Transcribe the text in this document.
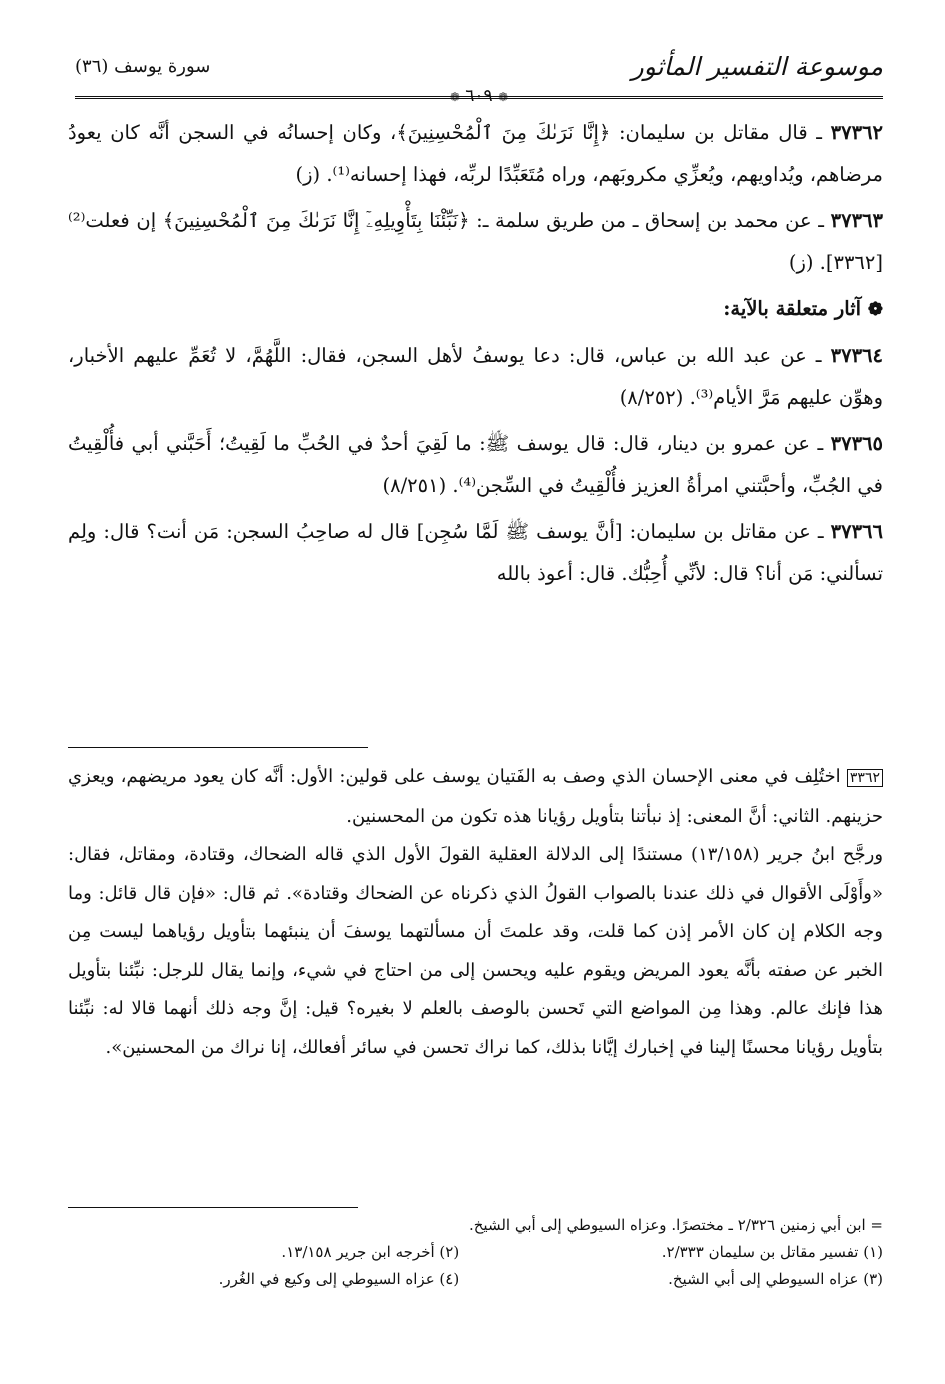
موسوعة التفسير المأثور
سورة يوسف (٣٦)
❁ ٦٠٩ ❁

٣٧٣٦٢ ـ قال مقاتل بن سليمان: ﴿إِنَّا نَرَىٰكَ مِنَ ٱلْمُحْسِنِينَ﴾، وكان إحسانُه في السجن أنَّه كان يعودُ مرضاهم، ويُداويهم، ويُعزِّي مكروبَهم، وراه مُتَعَبِّدًا لربِّه، فهذا إحسانه⁽¹⁾. (ز)

٣٧٣٦٣ ـ عن محمد بن إسحاق ـ من طريق سلمة ـ: ﴿نَبِّئْنَا بِتَأْوِيلِهِۦٓ إِنَّا نَرَىٰكَ مِنَ ٱلْمُحْسِنِينَ﴾ إن فعلت⁽²⁾[٣٣٦٢]. (ز)

❁ آثار متعلقة بالآية:

٣٧٣٦٤ ـ عن عبد الله بن عباس، قال: دعا يوسفُ لأهل السجن، فقال: اللَّهُمَّ، لا تُعَمِّ عليهم الأخبار، وهوِّن عليهم مَرَّ الأيام⁽³⁾. (٨/٢٥٢)

٣٧٣٦٥ ـ عن عمرو بن دينار، قال: قال يوسف ﷺ: ما لَقِيَ أحدٌ في الحُبِّ ما لَقِيتُ؛ أَحَبَّني أبي فأُلْقِيتُ في الجُبِّ، وأحبَّتني امرأةُ العزيز فأُلْقِيتُ في السِّجن⁽⁴⁾. (٨/٢٥١)

٣٧٣٦٦ ـ عن مقاتل بن سليمان: [أنَّ يوسف ﷺ لَمَّا سُجِن] قال له صاحِبُ السجن: مَن أنت؟ قال: ولِم تسألني: مَن أنا؟ قال: لأنِّي أُحِبُّك. قال: أعوذ بالله

٣٣٦٢ اختُلِف في معنى الإحسان الذي وصف به الفَتيان يوسف على قولين: الأول: أنَّه كان يعود مريضهم، ويعزي حزينهم. الثاني: أنَّ المعنى: إذ نبأتنا بتأويل رؤيانا هذه تكون من المحسنين.

ورجَّح ابنُ جرير (١٣/١٥٨) مستندًا إلى الدلالة العقلية القولَ الأول الذي قاله الضحاك، وقتادة، ومقاتل، فقال: «وأَوْلَى الأقوال في ذلك عندنا بالصواب القولُ الذي ذكرناه عن الضحاك وقتادة». ثم قال: «فإن قال قائل: وما وجه الكلام إن كان الأمر إذن كما قلت، وقد علمتَ أن مسألتهما يوسفَ أن ينبئهما بتأويل رؤياهما ليست مِن الخبر عن صفته بأنَّه يعود المريض ويقوم عليه ويحسن إلى من احتاج في شيء، وإنما يقال للرجل: نبِّئنا بتأويل هذا فإنك عالم. وهذا مِن المواضع التي تَحسن بالوصف بالعلم لا بغيره؟ قيل: إنَّ وجه ذلك أنهما قالا له: نبِّئنا بتأويل رؤيانا محسنًا إلينا في إخبارك إيَّانا بذلك، كما نراك تحسن في سائر أفعالك، إنا نراك من المحسنين».

= ابن أبي زمنين ٢/٣٢٦ ـ مختصرًا. وعزاه السيوطي إلى أبي الشيخ.
(١) تفسير مقاتل بن سليمان ٢/٣٣٣.
(٢) أخرجه ابن جرير ١٣/١٥٨.
(٣) عزاه السيوطي إلى أبي الشيخ.
(٤) عزاه السيوطي إلى وكيع في الغُرر.
